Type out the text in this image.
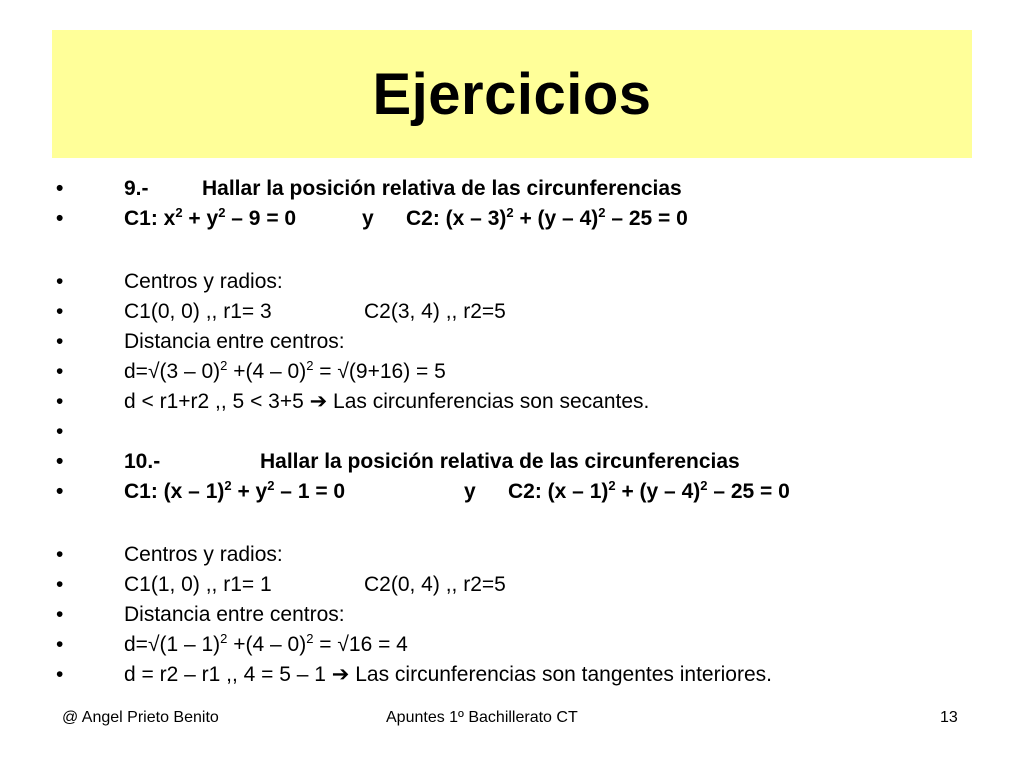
Ejercicios
•	9.-	Hallar la posición relativa de las circunferencias
•	C1: $x^2 + y^2 - 9 = 0$	y C2: (x – 3)$^2$ + (y – 4)$^2$ – 25 = 0
•	Centros y radios:
•	C1(0, 0) ,, r1= 3	C2(3, 4) ,, r2=5
•	Distancia entre centros:
•	d=√(3 – 0)$^2$ +(4 – 0)$^2$ = √(9+16) = 5
•	d < r1+r2 ,, 5 < 3+5 ➔ Las circunferencias son secantes.
•
•	10.-	Hallar la posición relativa de las circunferencias
•	C1: $(x - 1)^2 + y^2 - 1 = 0$	y C2: (x – 1)$^2$ + (y – 4)$^2$ – 25 = 0
•	Centros y radios:
•	C1(1, 0) ,, r1= 1	C2(0, 4) ,, r2=5
•	Distancia entre centros:
•	d=√(1 – 1)$^2$ +(4 – 0)$^2$ = √16 = 4
•	d = r2 – r1 ,, 4 = 5 – 1 ➔ Las circunferencias son tangentes interiores.
@ Angel Prieto Benito	Apuntes 1º Bachillerato CT	13
